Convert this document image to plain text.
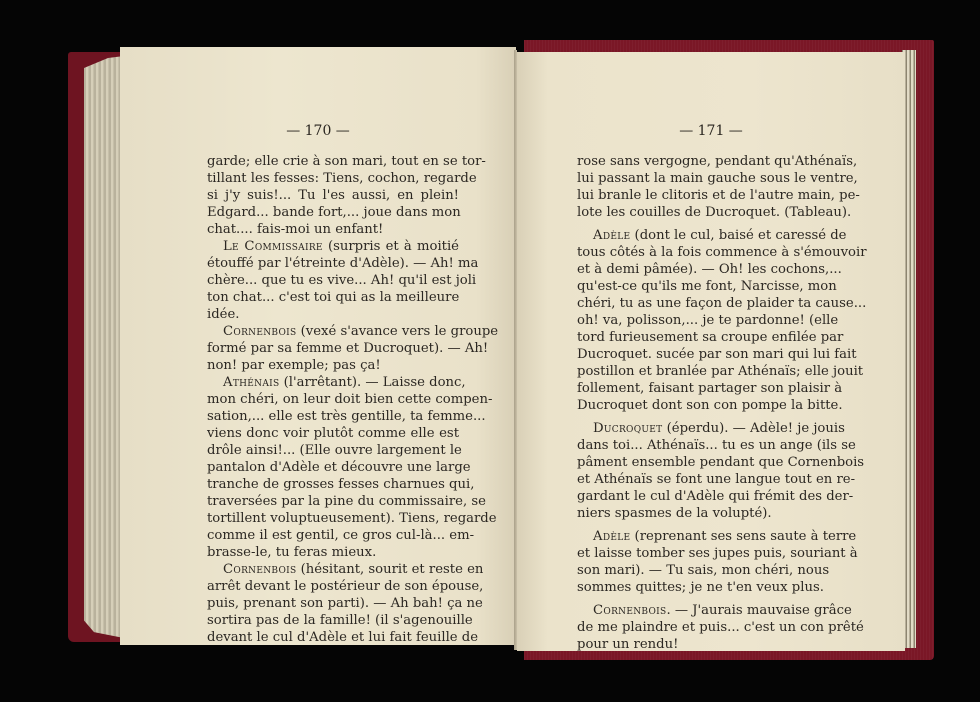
— 170 —
garde; elle crie à son mari, tout en se tor-
tillant les fesses: Tiens, cochon, regarde
si j'y suis!... Tu l'es aussi, en plein!
Edgard... bande fort,... joue dans mon
chat.... fais-moi un enfant!
Le Commissaire (surpris et à moitié
étouffé par l'étreinte d'Adèle). — Ah! ma
chère... que tu es vive... Ah! qu'il est joli
ton chat... c'est toi qui as la meilleure
idée.
Cornenbois (vexé s'avance vers le groupe
formé par sa femme et Ducroquet). — Ah!
non! par exemple; pas ça!
Athénais (l'arrêtant). — Laisse donc,
mon chéri, on leur doit bien cette compen-
sation,... elle est très gentille, ta femme...
viens donc voir plutôt comme elle est
drôle ainsi!... (Elle ouvre largement le
pantalon d'Adèle et découvre une large
tranche de grosses fesses charnues qui,
traversées par la pine du commissaire, se
tortillent voluptueusement). Tiens, regarde
comme il est gentil, ce gros cul-là... em-
brasse-le, tu feras mieux.
Cornenbois (hésitant, sourit et reste en
arrêt devant le postérieur de son épouse,
puis, prenant son parti). — Ah bah! ça ne
sortira pas de la famille! (il s'agenouille
devant le cul d'Adèle et lui fait feuille de
— 171 —
rose sans vergogne, pendant qu'Athénaïs,
lui passant la main gauche sous le ventre,
lui branle le clitoris et de l'autre main, pe-
lote les couilles de Ducroquet. (Tableau).
Adèle (dont le cul, baisé et caressé de
tous côtés à la fois commence à s'émouvoir
et à demi pâmée). — Oh! les cochons,...
qu'est-ce qu'ils me font, Narcisse, mon
chéri, tu as une façon de plaider ta cause...
oh! va, polisson,... je te pardonne! (elle
tord furieusement sa croupe enfilée par
Ducroquet. sucée par son mari qui lui fait
postillon et branlée par Athénaïs; elle jouit
follement, faisant partager son plaisir à
Ducroquet dont son con pompe la bitte.
Ducroquet (éperdu). — Adèle! je jouis
dans toi... Athénaïs... tu es un ange (ils se
pâment ensemble pendant que Cornenbois
et Athénaïs se font une langue tout en re-
gardant le cul d'Adèle qui frémit des der-
niers spasmes de la volupté).
Adèle (reprenant ses sens saute à terre
et laisse tomber ses jupes puis, souriant à
son mari). — Tu sais, mon chéri, nous
sommes quittes; je ne t'en veux plus.
Cornenbois. — J'aurais mauvaise grâce
de me plaindre et puis... c'est un con prêté
pour un rendu!
